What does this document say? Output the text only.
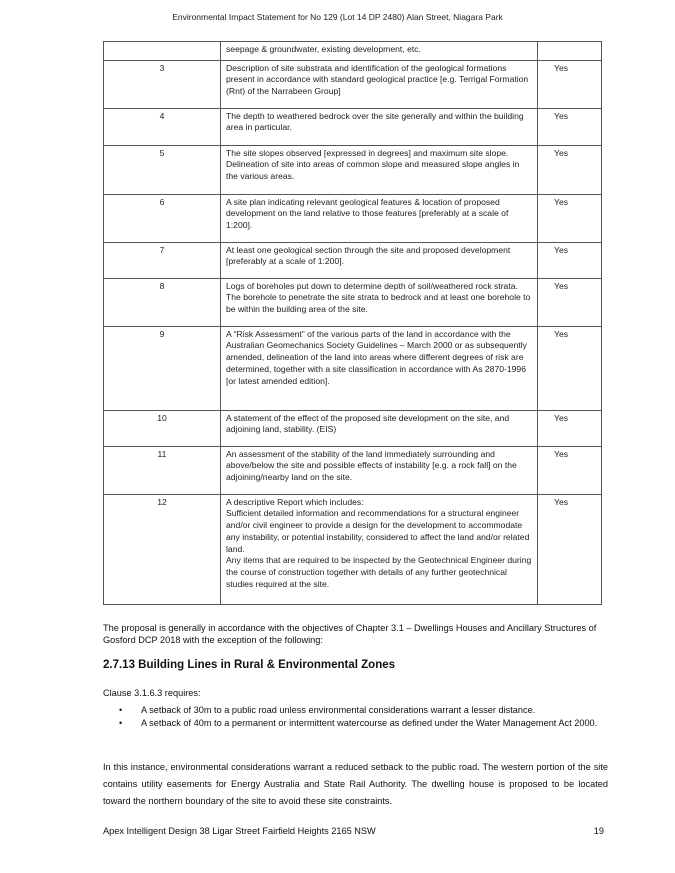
Environmental Impact Statement for No 129 (Lot 14 DP 2480) Alan Street, Niagara Park
	seepage & groundwater, existing development, etc.	
3	Description of site substrata and identification of the geological formations present in accordance with standard geological practice [e.g. Terrigal Formation (Rnt) of the Narrabeen Group]	Yes
4	The depth to weathered bedrock over the site generally and within the building area in particular.	Yes
5	The site slopes observed [expressed in degrees] and maximum site slope. Delineation of site into areas of common slope and measured slope angles in the various areas.	Yes
6	A site plan indicating relevant geological features & location of proposed development on the land relative to those features [preferably at a scale of 1:200].	Yes
7	At least one geological section through the site and proposed development [preferably at a scale of 1:200].	Yes
8	Logs of boreholes put down to determine depth of soil/weathered rock strata. The borehole to penetrate the site strata to bedrock and at least one borehole to be within the building area of the site.	Yes
9	A “Risk Assessment” of the various parts of the land in accordance with the Australian Geomechanics Society Guidelines – March 2000 or as subsequently amended, delineation of the land into areas where different degrees of risk are determined, together with a site classification in accordance with As 2870-1996 [or latest amended edition].	Yes
10	A statement of the effect of the proposed site development on the site, and adjoining land, stability. (EIS)	Yes
11	An assessment of the stability of the land immediately surrounding and above/below the site and possible effects of instability [e.g. a rock fall] on the adjoining/nearby land on the site.	Yes
12	A descriptive Report which includes:
Sufficient detailed information and recommendations for a structural engineer and/or civil engineer to provide a design for the development to accommodate any instability, or potential instability, considered to affect the land and/or related land.
Any items that are required to be inspected by the Geotechnical Engineer during the course of construction together with details of any further geotechnical studies required at the site.	Yes
The proposal is generally in accordance with the objectives of Chapter 3.1 – Dwellings Houses and Ancillary Structures of Gosford DCP 2018 with the exception of the following:
2.7.13 Building Lines in Rural & Environmental Zones
Clause 3.1.6.3 requires:
• A setback of 30m to a public road unless environmental considerations warrant a lesser distance.
• A setback of 40m to a permanent or intermittent watercourse as defined under the Water Management Act 2000.
In this instance, environmental considerations warrant a reduced setback to the public road. The western portion of the site contains utility easements for Energy Australia and State Rail Authority. The dwelling house is proposed to be located toward the northern boundary of the site to avoid these site constraints.
Apex Intelligent Design 38 Ligar Street Fairfield Heights 2165 NSW	19
